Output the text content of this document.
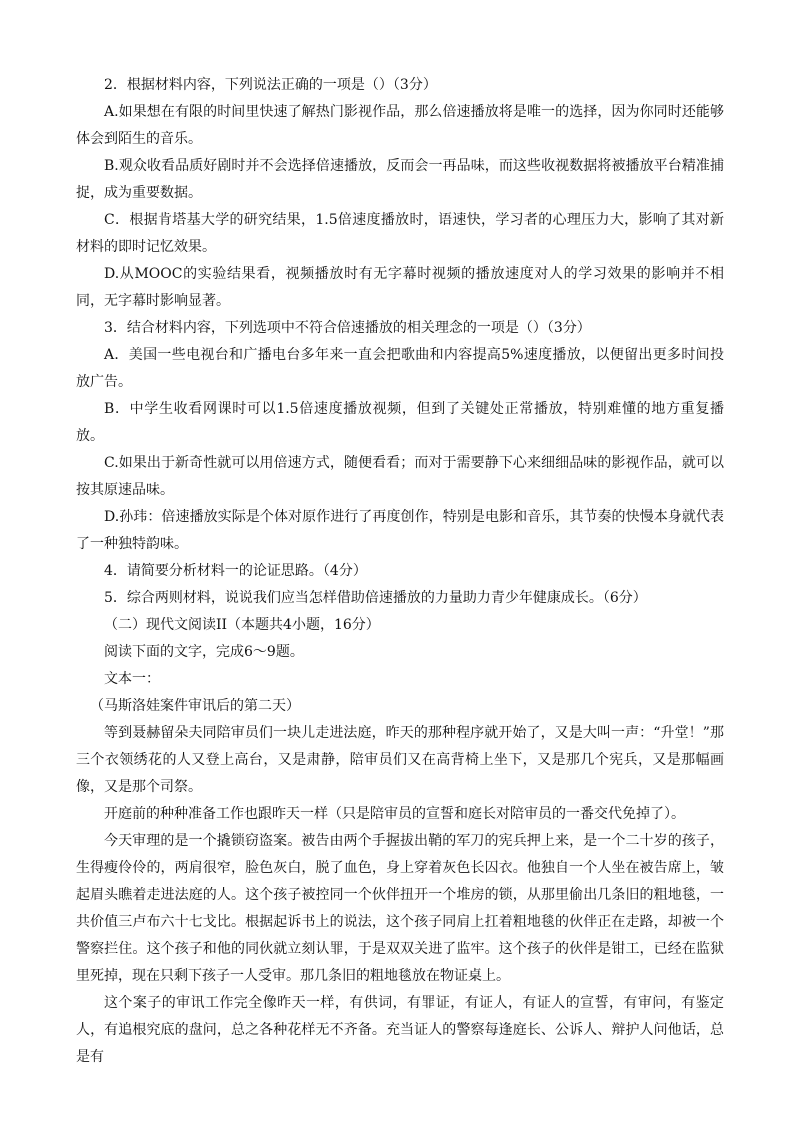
2．根据材料内容，下列说法正确的一项是（）（3分）

A.如果想在有限的时间里快速了解热门影视作品，那么倍速播放将是唯一的选择，因为你同时还能够体会到陌生的音乐。

B.观众收看品质好剧时并不会选择倍速播放，反而会一再品味，而这些收视数据将被播放平台精准捕捉，成为重要数据。

C．根据肯塔基大学的研究结果，1.5倍速度播放时，语速快，学习者的心理压力大，影响了其对新材料的即时记忆效果。

D.从MOOC的实验结果看，视频播放时有无字幕时视频的播放速度对人的学习效果的影响并不相同，无字幕时影响显著。

3．结合材料内容，下列选项中不符合倍速播放的相关理念的一项是（）（3分）

A．美国一些电视台和广播电台多年来一直会把歌曲和内容提高5%速度播放，以便留出更多时间投放广告。

B．中学生收看网课时可以1.5倍速度播放视频，但到了关键处正常播放，特别难懂的地方重复播放。

C.如果出于新奇性就可以用倍速方式，随便看看；而对于需要静下心来细细品味的影视作品，就可以按其原速品味。

D.孙玮：倍速播放实际是个体对原作进行了再度创作，特别是电影和音乐，其节奏的快慢本身就代表了一种独特韵味。

4．请简要分析材料一的论证思路。（4分）

5．综合两则材料，说说我们应当怎样借助倍速播放的力量助力青少年健康成长。（6分）

（二）现代文阅读II（本题共4小题，16分）

阅读下面的文字，完成6～9题。

文本一：

（马斯洛娃案件审讯后的第二天）

等到聂赫留朵夫同陪审员们一块儿走进法庭，昨天的那种程序就开始了，又是大叫一声：“升堂！”那三个衣领绣花的人又登上高台，又是肃静，陪审员们又在高背椅上坐下，又是那几个宪兵，又是那幅画像，又是那个司祭。

开庭前的种种准备工作也跟昨天一样（只是陪审员的宣誓和庭长对陪审员的一番交代免掉了）。

今天审理的是一个撬锁窃盗案。被告由两个手握拔出鞘的军刀的宪兵押上来，是一个二十岁的孩子，生得瘦伶伶的，两肩很窄，脸色灰白，脱了血色，身上穿着灰色长囚衣。他独自一个人坐在被告席上，皱起眉头瞧着走进法庭的人。这个孩子被控同一个伙伴扭开一个堆房的锁，从那里偷出几条旧的粗地毯，一共价值三卢布六十七戈比。根据起诉书上的说法，这个孩子同肩上扛着粗地毯的伙伴正在走路，却被一个警察拦住。这个孩子和他的同伙就立刻认罪，于是双双关进了监牢。这个孩子的伙伴是钳工，已经在监狱里死掉，现在只剩下孩子一人受审。那几条旧的粗地毯放在物证桌上。

这个案子的审讯工作完全像昨天一样，有供词，有罪证，有证人，有证人的宣誓，有审问，有鉴定人，有追根究底的盘问，总之各种花样无不齐备。充当证人的警察每逢庭长、公诉人、辩护人问他话，总是有
